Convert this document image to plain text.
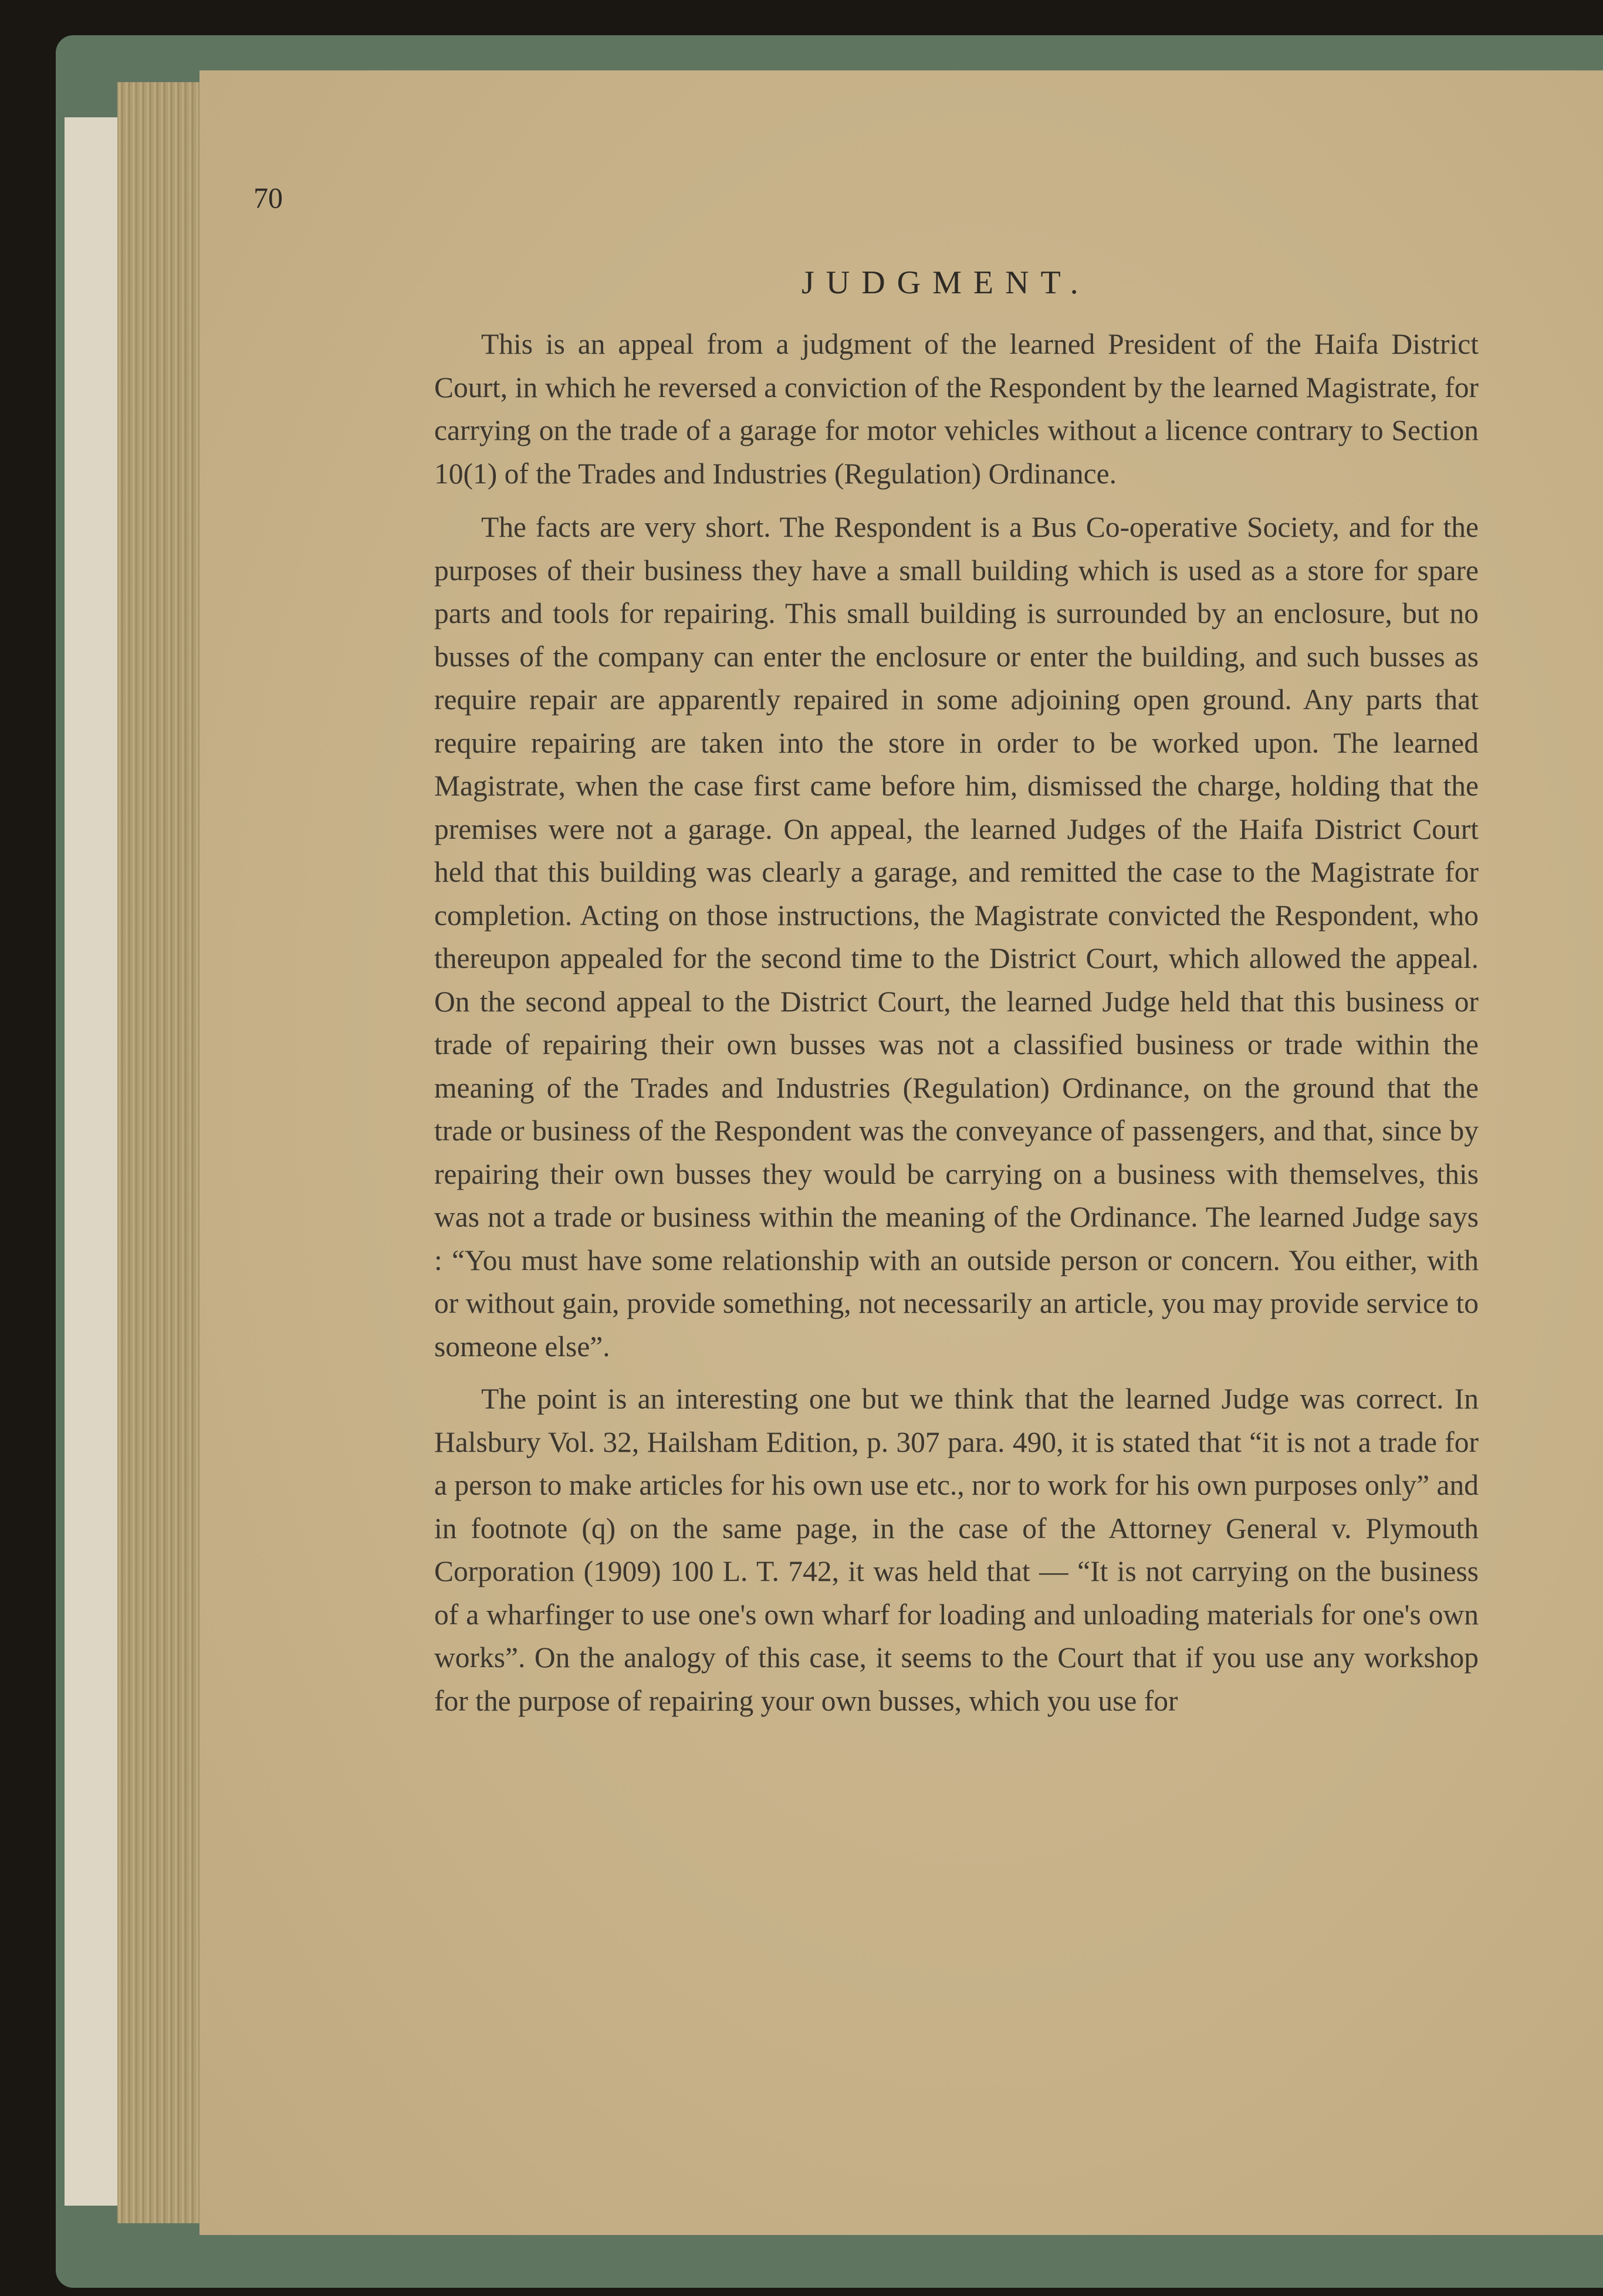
70

JUDGMENT.

This is an appeal from a judgment of the learned President of the Haifa District Court, in which he reversed a conviction of the Respondent by the learned Magistrate, for carrying on the trade of a garage for motor vehicles without a licence contrary to Section 10(1) of the Trades and Industries (Regulation) Ordinance.

The facts are very short. The Respondent is a Bus Co-operative Society, and for the purposes of their business they have a small building which is used as a store for spare parts and tools for repairing. This small building is surrounded by an enclosure, but no busses of the company can enter the enclosure or enter the building, and such busses as require repair are apparently repaired in some adjoining open ground. Any parts that require repairing are taken into the store in order to be worked upon. The learned Magistrate, when the case first came before him, dismissed the charge, holding that the premises were not a garage. On appeal, the learned Judges of the Haifa District Court held that this building was clearly a garage, and remitted the case to the Magistrate for completion. Acting on those instructions, the Magistrate convicted the Respondent, who thereupon appealed for the second time to the District Court, which allowed the appeal. On the second appeal to the District Court, the learned Judge held that this business or trade of repairing their own busses was not a classified business or trade within the meaning of the Trades and Industries (Regulation) Ordinance, on the ground that the trade or business of the Respondent was the conveyance of passengers, and that, since by repairing their own busses they would be carrying on a business with themselves, this was not a trade or business within the meaning of the Ordinance. The learned Judge says : “You must have some relationship with an outside person or concern. You either, with or without gain, provide something, not necessarily an article, you may provide service to someone else”.

The point is an interesting one but we think that the learned Judge was correct. In Halsbury Vol. 32, Hailsham Edition, p. 307 para. 490, it is stated that “it is not a trade for a person to make articles for his own use etc., nor to work for his own purposes only” and in footnote (q) on the same page, in the case of the Attorney General v. Plymouth Corporation (1909) 100 L. T. 742, it was held that — “It is not carrying on the business of a wharfinger to use one's own wharf for loading and unloading materials for one's own works”. On the analogy of this case, it seems to the Court that if you use any workshop for the purpose of repairing your own busses, which you use for
